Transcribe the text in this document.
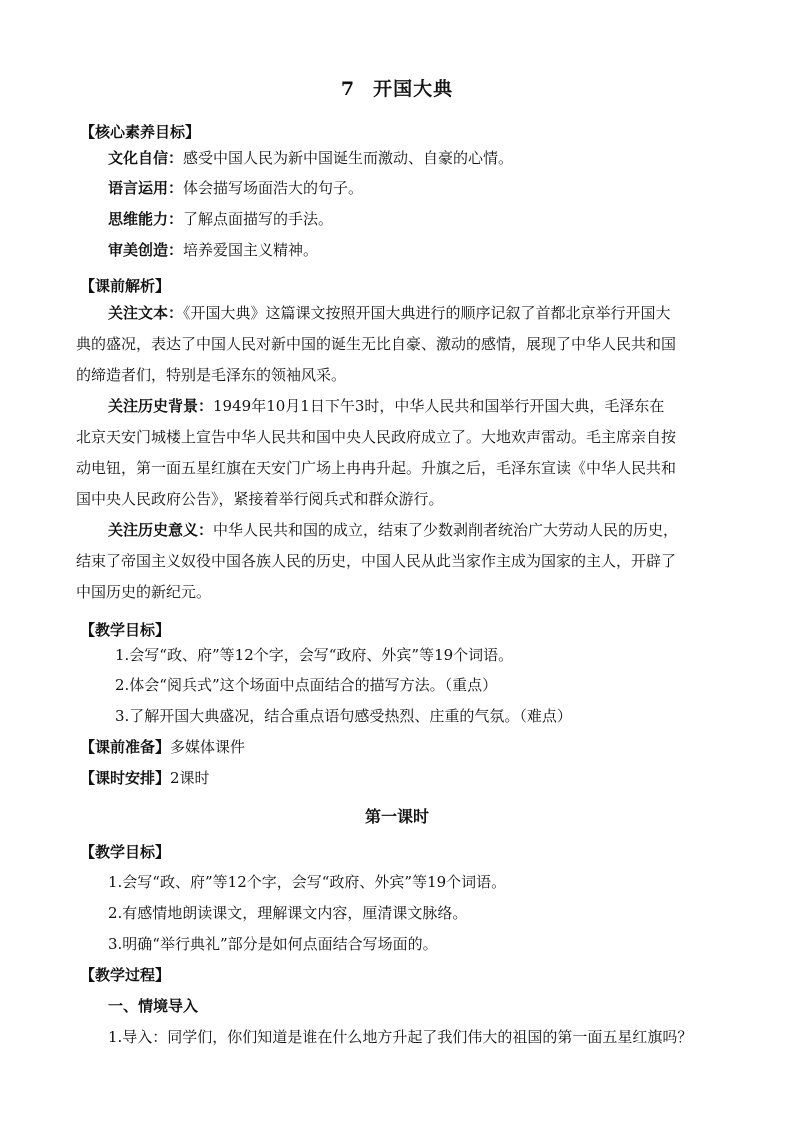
7 开国大典
【核心素养目标】
文化自信：感受中国人民为新中国诞生而激动、自豪的心情。
语言运用：体会描写场面浩大的句子。
思维能力：了解点面描写的手法。
审美创造：培养爱国主义精神。
【课前解析】
关注文本：《开国大典》这篇课文按照开国大典进行的顺序记叙了首都北京举行开国大
典的盛况，表达了中国人民对新中国的诞生无比自豪、激动的感情，展现了中华人民共和国
的缔造者们，特别是毛泽东的领袖风采。
关注历史背景：1949年10月1日下午3时，中华人民共和国举行开国大典，毛泽东在
北京天安门城楼上宣告中华人民共和国中央人民政府成立了。大地欢声雷动。毛主席亲自按
动电钮，第一面五星红旗在天安门广场上冉冉升起。升旗之后，毛泽东宣读《中华人民共和
国中央人民政府公告》，紧接着举行阅兵式和群众游行。
关注历史意义：中华人民共和国的成立，结束了少数剥削者统治广大劳动人民的历史，
结束了帝国主义奴役中国各族人民的历史，中国人民从此当家作主成为国家的主人，开辟了
中国历史的新纪元。
【教学目标】
1.会写“政、府”等12个字，会写“政府、外宾”等19个词语。
2.体会“阅兵式”这个场面中点面结合的描写方法。（重点）
3.了解开国大典盛况，结合重点语句感受热烈、庄重的气氛。（难点）
【课前准备】多媒体课件
【课时安排】2课时
第一课时
【教学目标】
1.会写“政、府”等12个字，会写“政府、外宾”等19个词语。
2.有感情地朗读课文，理解课文内容，厘清课文脉络。
3.明确“举行典礼”部分是如何点面结合写场面的。
【教学过程】
一、情境导入
1.导入：同学们，你们知道是谁在什么地方升起了我们伟大的祖国的第一面五星红旗吗？
